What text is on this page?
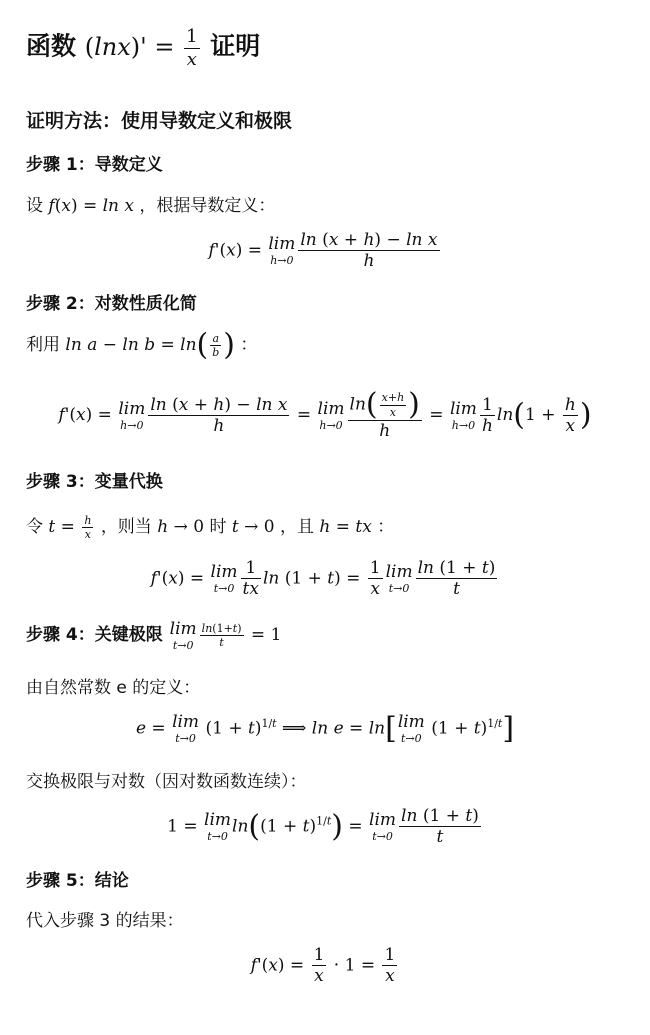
函数 $(\ln x)' = \frac{1}{x}$ 证明
证明方法：使用导数定义和极限
步骤 1：导数定义
设 f(x) = ln x ，根据导数定义：
f'(x) = lim
$h\to 0 \frac{\text{ln (x + h) − ln x}}{h}$
步骤 2：对数性质化简
利用 $\ln a - \ln b = \ln( \frac{a}{b}$ ) ：
f'(x) = lim
$h\to 0 \frac{\text{ln (x + h) − ln x}}{h} = \lim$
$h\to 0 \frac{\ln( \frac{x+h}{x} )}{h} = \lim$
$h\to 0 \frac{1}{h} \ln(1 + \frac{h}{x}$ )
步骤 3：变量代换
令 $t = \frac{h}{x}$ ，则当 h → 0 时 t → 0 ，且 h = tx ：
f'(x) = lim
$t\to 0 \frac{1}{tx}$ $\ln (1 + t) = \frac{1}{x}$ lim
$t\to 0 \frac{\ln (1 + t)}{t}$
步骤 4：关键极限 lim
$t\to 0 \frac{\ln(1+t)}{t} = 1$
由自然常数 e 的定义：
e = lim
t→0 $(1 + t)^{1/t}$ ⟹ ln e = ln[ lim
t→0 $(1 + t)^{1/t}$]
交换极限与对数（因对数函数连续）：
1 = lim
t→0 $\ln((1 + t)^{1/t}) = \lim$
$t\to 0 \frac{\ln (1 + t)}{t}$
步骤 5：结论
代入步骤 3 的结果：
$f'(x) = \frac{1}{x} \cdot 1 = \frac{1}{x}$
